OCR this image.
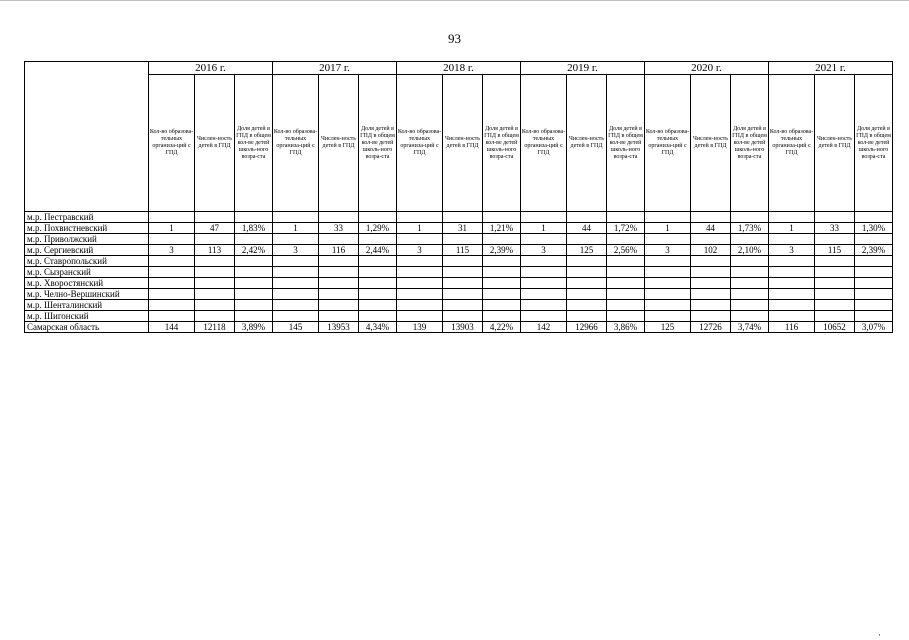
93
	2016 г.			2017 г.			2018 г.			2019 г.			2020 г.			2021 г.		
	Кол-во образова-тельных организа-ций с ГПД	Числен-ность детей в ГПД	Доля детей в ГПД в общем кол-ве детей школь-ного возра-ста	Кол-во образова-тельных организа-ций с ГПД	Числен-ность детей в ГПД	Доля детей в ГПД в общем кол-ве детей школь-ного возра-ста	Кол-во образова-тельных организа-ций с ГПД	Числен-ность детей в ГПД	Доля детей в ГПД в общем кол-ве детей школь-ного возра-ста	Кол-во образова-тельных организа-ций с ГПД	Числен-ность детей в ГПД	Доля детей в ГПД в общем кол-ве детей школь-ного возра-ста	Кол-во образова-тельных организа-ций с ГПД	Числен-ность детей в ГПД	Доля детей в ГПД в общем кол-ве детей школь-ного возра-ста	Кол-во образова-тельных организа-ций с ГПД	Числен-ность детей в ГПД	Доля детей в ГПД в общем кол-ве детей школь-ного возра-ста
м.р. Пестравский																		
м.р. Похвистневский	1	47	1,83%	1	33	1,29%	1	31	1,21%	1	44	1,72%	1	44	1,73%	1	33	1,30%
м.р. Приволжский																		
м.р. Сергиевский	3	113	2,42%	3	116	2,44%	3	115	2,39%	3	125	2,56%	3	102	2,10%	3	115	2,39%
м.р. Ставропольский																		
м.р. Сызранский																		
м.р. Хворостянский																		
м.р. Челно-Вершинский																		
м.р. Шенталинский																		
м.р. Шигонский																		
Самарская область	144	12118	3,89%	145	13953	4,34%	139	13903	4,22%	142	12966	3,86%	125	12726	3,74%	116	10652	3,07%
·
